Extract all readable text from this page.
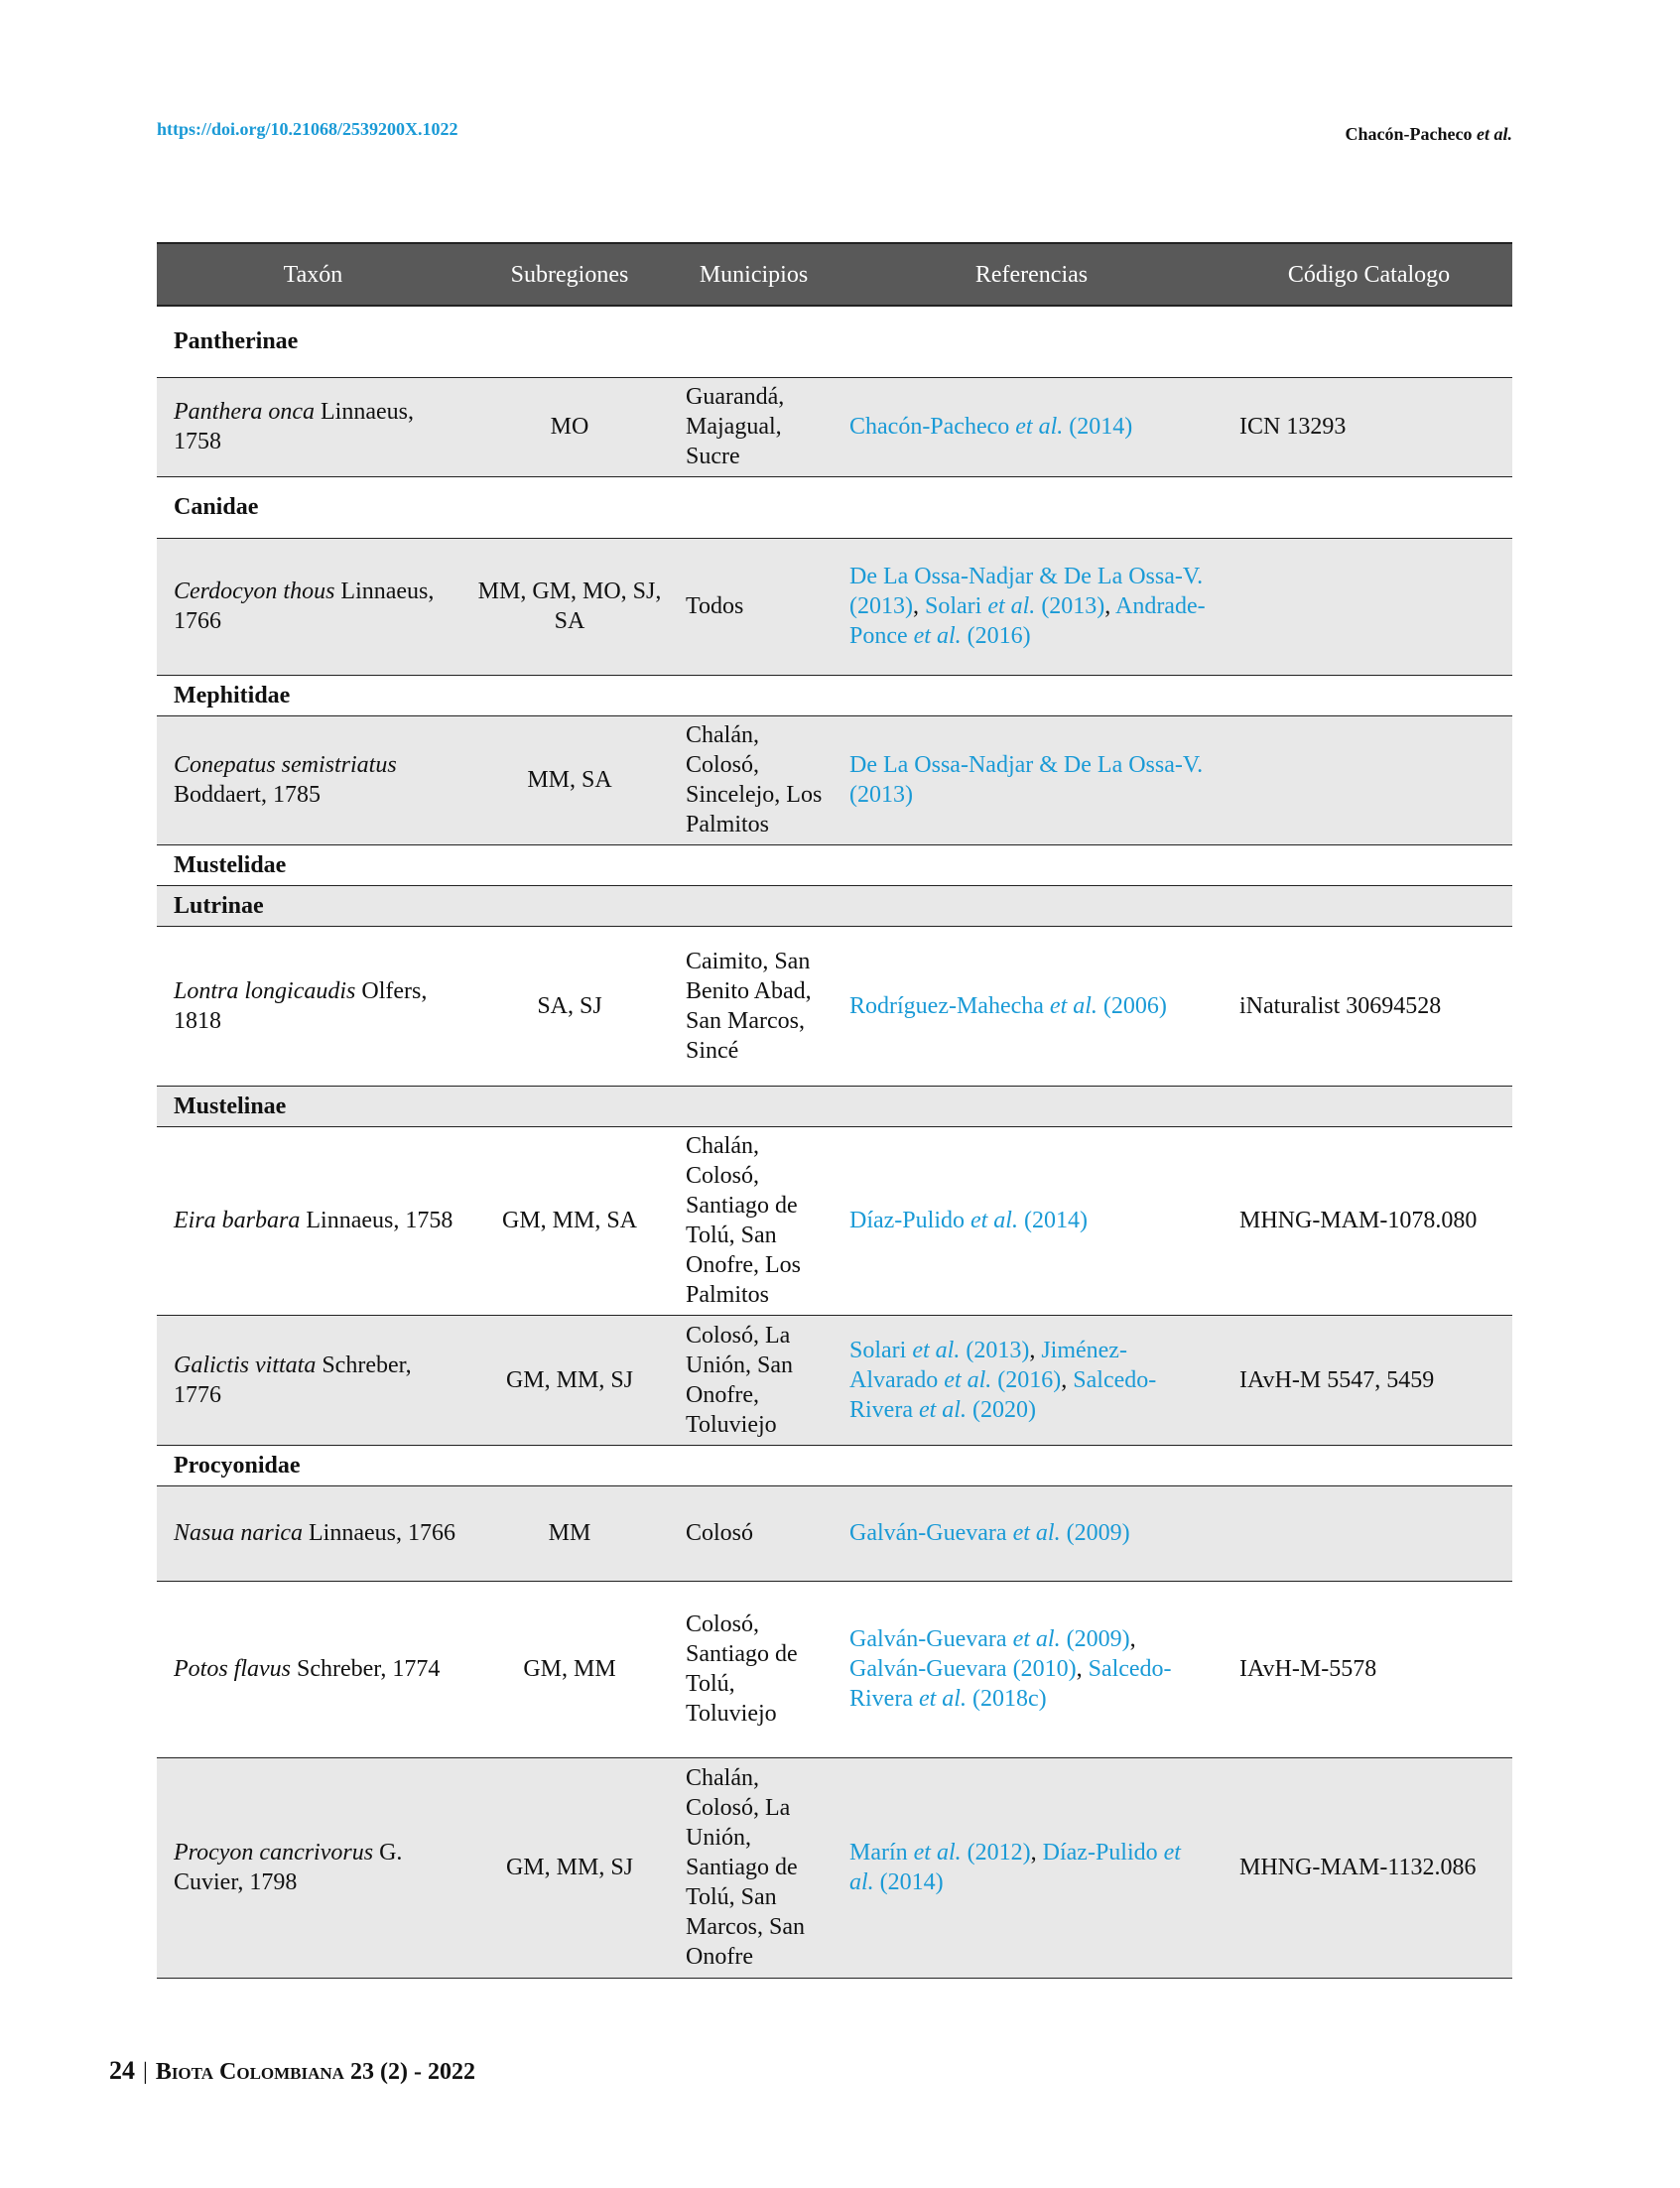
https://doi.org/10.21068/2539200X.1022	Chacón-Pacheco et al.
Taxón	Subregiones	Municipios	Referencias	Código Catalogo
Pantherinae				
Panthera onca Linnaeus, 1758	MO	Guarandá, Majagual, Sucre	Chacón-Pacheco et al. (2014)	ICN 13293
Canidae				
Cerdocyon thous Linnaeus, 1766	MM, GM, MO, SJ, SA	Todos	De La Ossa-Nadjar & De La Ossa-V. (2013), Solari et al. (2013), Andrade-Ponce et al. (2016)	
Mephitidae				
Conepatus semistriatus Boddaert, 1785	MM, SA	Chalán, Colosó, Sincelejo, Los Palmitos	De La Ossa-Nadjar & De La Ossa-V. (2013)	
Mustelidae				
Lutrinae				
Lontra longicaudis Olfers, 1818	SA, SJ	Caimito, San Benito Abad, San Marcos, Sincé	Rodríguez-Mahecha et al. (2006)	iNaturalist 30694528
Mustelinae				
Eira barbara Linnaeus, 1758	GM, MM, SA	Chalán, Colosó, Santiago de Tolú, San Onofre, Los Palmitos	Díaz-Pulido et al. (2014)	MHNG-MAM-1078.080
Galictis vittata Schreber, 1776	GM, MM, SJ	Colosó, La Unión, San Onofre, Toluviejo	Solari et al. (2013), Jiménez-Alvarado et al. (2016), Salcedo-Rivera et al. (2020)	IAvH-M 5547, 5459
Procyonidae				
Nasua narica Linnaeus, 1766	MM	Colosó	Galván-Guevara et al. (2009)	
Potos flavus Schreber, 1774	GM, MM	Colosó, Santiago de Tolú, Toluviejo	Galván-Guevara et al. (2009), Galván-Guevara (2010), Salcedo-Rivera et al. (2018c)	IAvH-M-5578
Procyon cancrivorus G. Cuvier, 1798	GM, MM, SJ	Chalán, Colosó, La Unión, Santiago de Tolú, San Marcos, San Onofre	Marín et al. (2012), Díaz-Pulido et al. (2014)	MHNG-MAM-1132.086
24 | Biota Colombiana 23 (2) - 2022
